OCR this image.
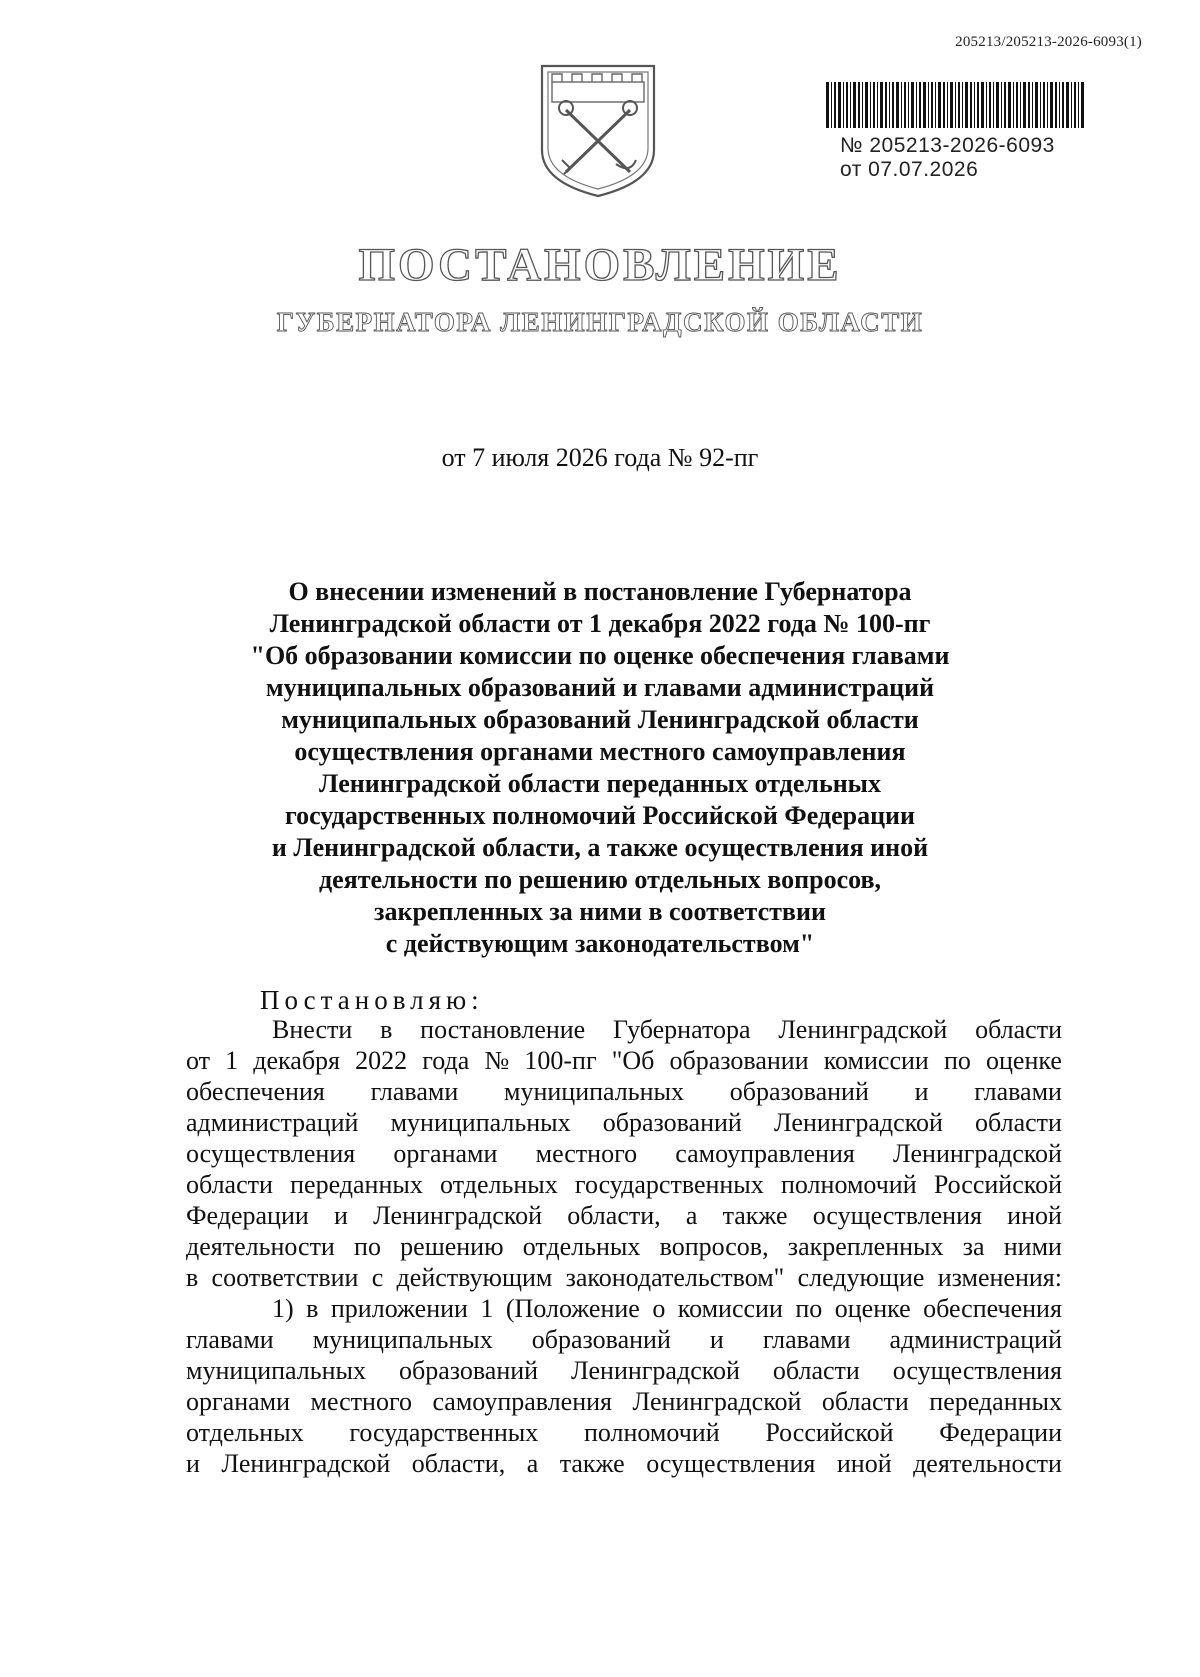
205213/205213-2026-6093(1)
№ 205213-2026-6093
от 07.07.2026
ПОСТАНОВЛЕНИЕ
ГУБЕРНАТОРА ЛЕНИНГРАДСКОЙ ОБЛАСТИ
от 7 июля 2026 года № 92-пг
О внесении изменений в постановление Губернатора
Ленинградской области от 1 декабря 2022 года № 100-пг
"Об образовании комиссии по оценке обеспечения главами
муниципальных образований и главами администраций
муниципальных образований Ленинградской области
осуществления органами местного самоуправления
Ленинградской области переданных отдельных
государственных полномочий Российской Федерации
и Ленинградской области, а также осуществления иной
деятельности по решению отдельных вопросов,
закрепленных за ними в соответствии
с действующим законодательством"
Постановляю:
Внести в постановление Губернатора Ленинградской области
от 1 декабря 2022 года № 100-пг "Об образовании комиссии по оценке
обеспечения главами муниципальных образований и главами
администраций муниципальных образований Ленинградской области
осуществления органами местного самоуправления Ленинградской
области переданных отдельных государственных полномочий Российской
Федерации и Ленинградской области, а также осуществления иной
деятельности по решению отдельных вопросов, закрепленных за ними
в соответствии с действующим законодательством" следующие изменения:
1) в приложении 1 (Положение о комиссии по оценке обеспечения
главами муниципальных образований и главами администраций
муниципальных образований Ленинградской области осуществления
органами местного самоуправления Ленинградской области переданных
отдельных государственных полномочий Российской Федерации
и Ленинградской области, а также осуществления иной деятельности
